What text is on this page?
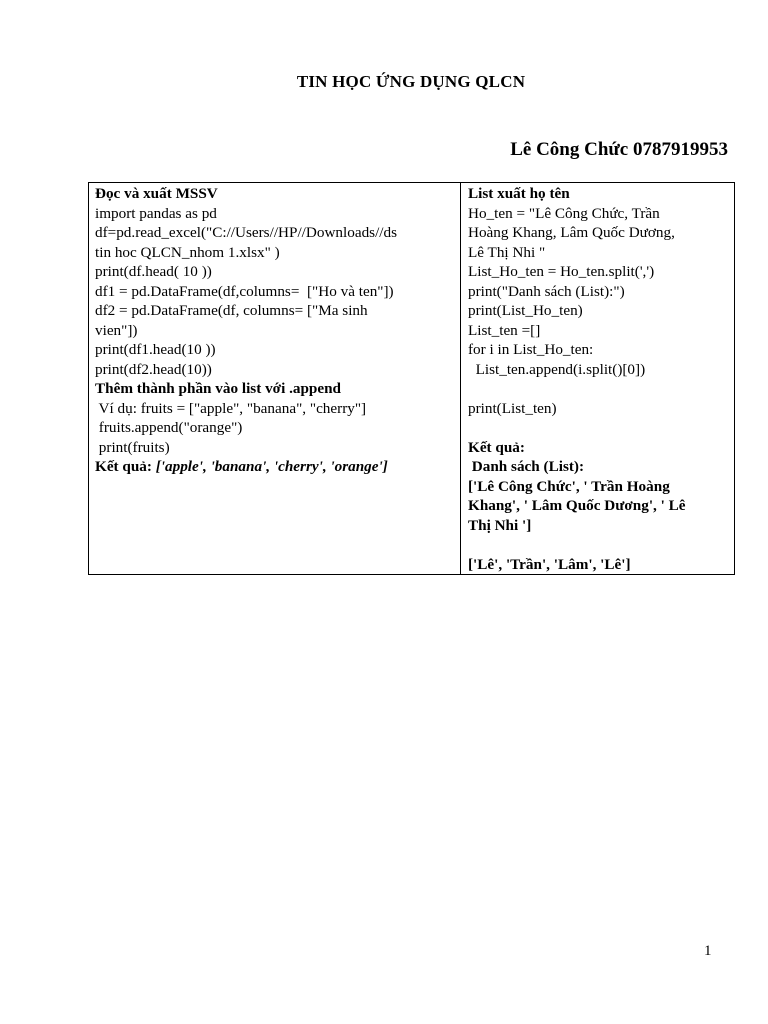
TIN HỌC ỨNG DỤNG QLCN
Lê Công Chức 0787919953
Đọc và xuất MSSV
import pandas as pd
df=pd.read_excel("C://Users//HP//Downloads//ds
tin hoc QLCN_nhom 1.xlsx" )
print(df.head( 10 ))
df1 = pd.DataFrame(df,columns=  ["Ho và ten"])
df2 = pd.DataFrame(df, columns= ["Ma sinh
vien"])
print(df1.head(10 ))
print(df2.head(10))
Thêm thành phần vào list với .append
Ví dụ: fruits = ["apple", "banana", "cherry"]
fruits.append("orange")
print(fruits)
Kết quả: ['apple', 'banana', 'cherry', 'orange']
List xuất họ tên
Ho_ten = "Lê Công Chức, Trần
Hoàng Khang, Lâm Quốc Dương,
Lê Thị Nhi "
List_Ho_ten = Ho_ten.split(',')
print("Danh sách (List):")
print(List_Ho_ten)
List_ten =[]
for i in List_Ho_ten:
List_ten.append(i.split()[0])
print(List_ten)
Kết quả:
Danh sách (List):
['Lê Công Chức', ' Trần Hoàng
Khang', ' Lâm Quốc Dương', ' Lê
Thị Nhi ']
['Lê', 'Trần', 'Lâm', 'Lê']
1
